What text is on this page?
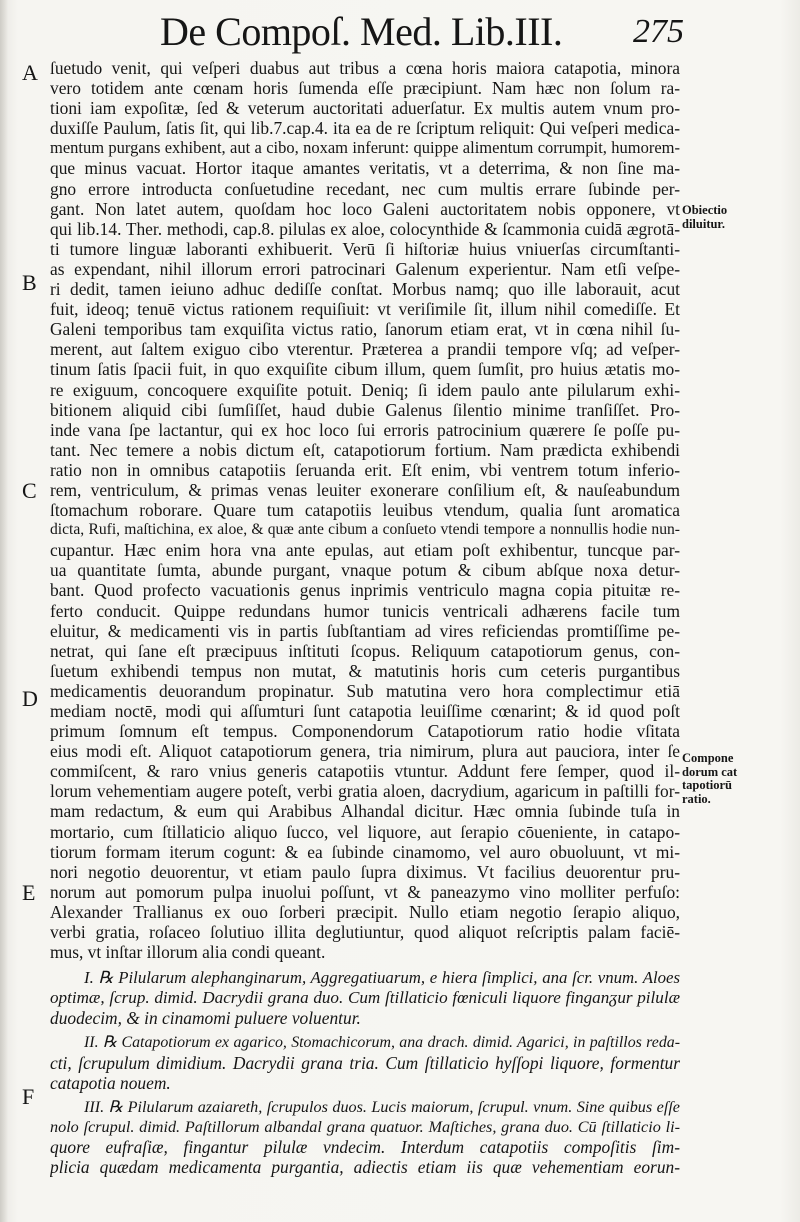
De Compoſ. Med. Lib.III. 275
A
B
C
D
E
F
Obiectio
diluitur.
Compone
dorum cat
tapotiorū
ratio.
ſuetudo venit, qui veſperi duabus aut tribus a cœna horis maiora catapotia, minora
vero totidem ante cœnam horis ſumenda eſſe præcipiunt. Nam hæc non ſolum ra-
tioni iam expoſitæ, ſed & veterum auctoritati aduerſatur. Ex multis autem vnum pro-
duxiſſe Paulum, ſatis ſit, qui lib.7.cap.4. ita ea de re ſcriptum reliquit: Qui veſperi medica-
mentum purgans exhibent, aut a cibo, noxam inferunt: quippe alimentum corrumpit, humorem-
que minus vacuat. Hortor itaque amantes veritatis, vt a deterrima, & non ſine ma-
gno errore introducta conſuetudine recedant, nec cum multis errare ſubinde per-
gant. Non latet autem, quoſdam hoc loco Galeni auctoritatem nobis opponere, vt
qui lib.14. Ther. methodi, cap.8. pilulas ex aloe, colocynthide & ſcammonia cuidā ægrotā-
ti tumore linguæ laboranti exhibuerit. Verū ſi hiſtoriæ huius vniuerſas circumſtanti-
as expendant, nihil illorum errori patrocinari Galenum experientur. Nam etſi veſpe-
ri dedit, tamen ieiuno adhuc dediſſe conſtat. Morbus namq; quo ille laborauit, acut
fuit, ideoq; tenuē victus rationem requiſiuit: vt veriſimile ſit, illum nihil comediſſe. Et
Galeni temporibus tam exquiſita victus ratio, ſanorum etiam erat, vt in cœna nihil ſu-
merent, aut ſaltem exiguo cibo vterentur. Præterea a prandii tempore vſq; ad veſper-
tinum ſatis ſpacii fuit, in quo exquiſite cibum illum, quem ſumſit, pro huius ætatis mo-
re exiguum, concoquere exquiſite potuit. Deniq; ſi idem paulo ante pilularum exhi-
bitionem aliquid cibi ſumſiſſet, haud dubie Galenus ſilentio minime tranſiſſet. Pro-
inde vana ſpe lactantur, qui ex hoc loco ſui erroris patrocinium quærere ſe poſſe pu-
tant. Nec temere a nobis dictum eſt, catapotiorum fortium. Nam prædicta exhibendi
ratio non in omnibus catapotiis ſeruanda erit. Eſt enim, vbi ventrem totum inferio-
rem, ventriculum, & primas venas leuiter exonerare conſilium eſt, & nauſeabundum
ſtomachum roborare. Quare tum catapotiis leuibus vtendum, qualia ſunt aromatica
dicta, Rufi, maſtichina, ex aloe, & quæ ante cibum a conſueto vtendi tempore a nonnullis hodie nun-
cupantur. Hæc enim hora vna ante epulas, aut etiam poſt exhibentur, tuncque par-
ua quantitate ſumta, abunde purgant, vnaque potum & cibum abſque noxa detur-
bant. Quod profecto vacuationis genus inprimis ventriculo magna copia pituitæ re-
ferto conducit. Quippe redundans humor tunicis ventricali adhærens facile tum
eluitur, & medicamenti vis in partis ſubſtantiam ad vires reficiendas promtiſſime pe-
netrat, qui ſane eſt præcipuus inſtituti ſcopus. Reliquum catapotiorum genus, con-
ſuetum exhibendi tempus non mutat, & matutinis horis cum ceteris purgantibus
medicamentis deuorandum propinatur. Sub matutina vero hora complectimur etiā
mediam noctē, modi qui aſſumturi ſunt catapotia leuiſſime cœnarint; & id quod poſt
primum ſomnum eſt tempus. Componendorum Catapotiorum ratio hodie vſitata
eius modi eſt. Aliquot catapotiorum genera, tria nimirum, plura aut pauciora, inter ſe
commiſcent, & raro vnius generis catapotiis vtuntur. Addunt fere ſemper, quod il-
lorum vehementiam augere poteſt, verbi gratia aloen, dacrydium, agaricum in paſtilli for-
mam redactum, & eum qui Arabibus Alhandal dicitur. Hæc omnia ſubinde tuſa in
mortario, cum ſtillaticio aliquo ſucco, vel liquore, aut ſerapio cōueniente, in catapo-
tiorum formam iterum cogunt: & ea ſubinde cinamomo, vel auro obuoluunt, vt mi-
nori negotio deuorentur, vt etiam paulo ſupra diximus. Vt facilius deuorentur pru-
norum aut pomorum pulpa inuolui poſſunt, vt & paneazymo vino molliter perfuſo:
Alexander Trallianus ex ouo ſorberi præcipit. Nullo etiam negotio ſerapio aliquo,
verbi gratia, roſaceo ſolutiuo illita deglutiuntur, quod aliquot reſcriptis palam faciē-
mus, vt inſtar illorum alia condi queant.
I. ℞ Pilularum alephanginarum, Aggregatiuarum, e hiera ſimplici, ana ſcr. vnum. Aloes
optimæ, ſcrup. dimid. Dacrydii grana duo. Cum ſtillaticio fœniculi liquore finganᵹur pilulæ
duodecim, & in cinamomi puluere voluentur.
II. ℞ Catapotiorum ex agarico, Stomachicorum, ana drach. dimid. Agarici, in paſtillos reda-
cti, ſcrupulum dimidium. Dacrydii grana tria. Cum ſtillaticio hyſſopi liquore, formentur
catapotia nouem.
III. ℞ Pilularum azaiareth, ſcrupulos duos. Lucis maiorum, ſcrupul. vnum. Sine quibus eſſe
nolo ſcrupul. dimid. Paſtillorum albandal grana quatuor. Maſtiches, grana duo. Cū ſtillaticio li-
quore eufraſiæ, fingantur pilulæ vndecim. Interdum catapotiis compoſitis ſim-
plicia quædam medicamenta purgantia, adiectis etiam iis quæ vehementiam eorun-
